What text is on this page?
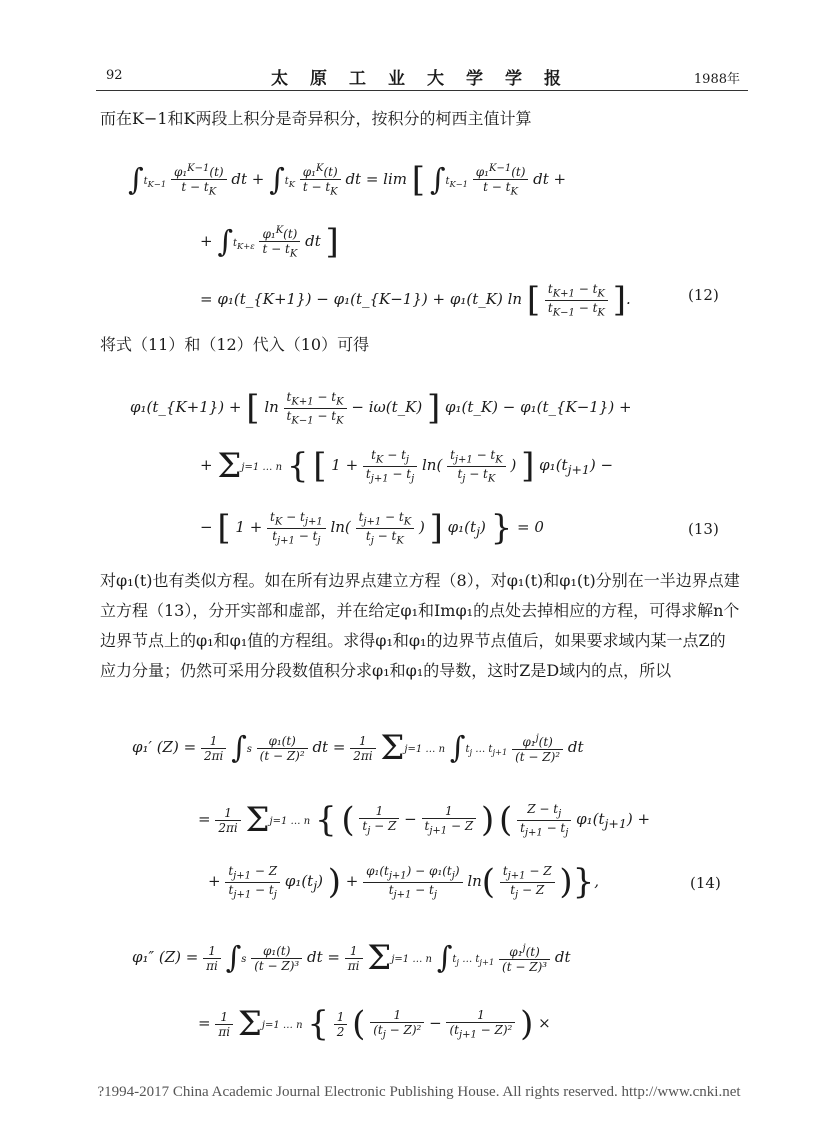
92	太原工业大学学报	1988年
而在K−1和K两段上积分是奇异积分，按积分的柯西主值计算
$\int t_{K-1} \frac{\varphi_1^{K-1}(t)}{t - t_K}$ dt + $\int t_K \frac{\varphi_1^K(t)}{t - t_K}$ dt = lim [ $\int t_{K-1} \frac{\varphi_1^{K-1}(t)}{t - t_K}$ dt +
+ $\int t_{K+\varepsilon} \frac{\varphi_1^K(t)}{t - t_K}$ dt ]
= φ₁(t_{K+1}) − φ₁(t_{K−1}) + φ₁(t_K) ln [ $\frac{t_{K+1} - t_K}{t_{K-1} - t_K}$ ].	(12)
将式（11）和（12）代入（10）可得
φ₁(t_{K+1}) + [ $\ln \frac{t_{K+1} - t_K}{t_{K-1} - t_K}$ − iω(t_K) ] φ₁(t_K) − φ₁(t_{K−1}) +
+ Σj=1 … n { [ $1 + \frac{t_K - t_j}{t_{j+1} - t_j} \ln( \frac{t_{j+1} - t_K}{t_j - t_K}$ ) ] $\varphi_1(t_{j+1})$ −
− [ $1 + \frac{t_K - t_{j+1}}{t_{j+1} - t_j} \ln( \frac{t_{j+1} - t_K}{t_j - t_K}$ ) ] $\varphi_1(t_j)$ } = 0	(13)
对φ₁(t)也有类似方程。如在所有边界点建立方程（8），对φ₁(t)和φ₁(t)分别在一半边界点建立方程（13），分开实部和虚部，并在给定φ₁和Imφ₁的点处去掉相应的方程，可得求解n个边界节点上的φ₁和φ₁值的方程组。求得φ₁和φ₁的边界节点值后，如果要求域内某一点Z的应力分量；仍然可采用分段数值积分求φ₁和φ₁的导数，这时Z是D域内的点，所以
φ₁′ $(Z) = \frac{1}{2\pi i} \int s \frac{\text{φ₁(t)}}{\text{(t − Z)²}}$ dt = $\frac{1}{2\pi i} \Sigma j=1$ … n $\int t_j$ … $t_{j+1} \frac{\varphi_1^j(t)}{\text{(t − Z)²}}$ dt
= $\frac{1}{2\pi i} \Sigma j=1$ … n { ( $\frac{1}{t_j - Z} - \frac{1}{t_{j+1} - Z}$ ) ( $\frac{Z - t_j}{t_{j+1} - t_j} \varphi_1(t_{j+1})$ +
+ $\frac{t_{j+1} - Z}{t_{j+1} - t_j} \varphi_1(t_j)$ ) + $\frac{\varphi_1(t_{j+1}) - \varphi_1(t_j)}{t_{j+1} - t_j} \ln( \frac{t_{j+1} - Z}{t_j - Z}$ )},	(14)
φ₁″ $(Z) = \frac{1}{\pi i} \int s \frac{\text{φ₁(t)}}{\text{(t − Z)³}}$ dt = $\frac{1}{\pi i} \Sigma j=1$ … n $\int t_j$ … $t_{j+1} \frac{\varphi_1^j(t)}{\text{(t − Z)³}}$ dt
= $\frac{1}{\pi i} \Sigma j=1$ … n { $\frac{1}{2}$ ( $\frac{1}{(t_j - Z)^2} - \frac{1}{(t_{j+1} - Z)^2}$ ) ×
?1994-2017 China Academic Journal Electronic Publishing House. All rights reserved. http://www.cnki.net
